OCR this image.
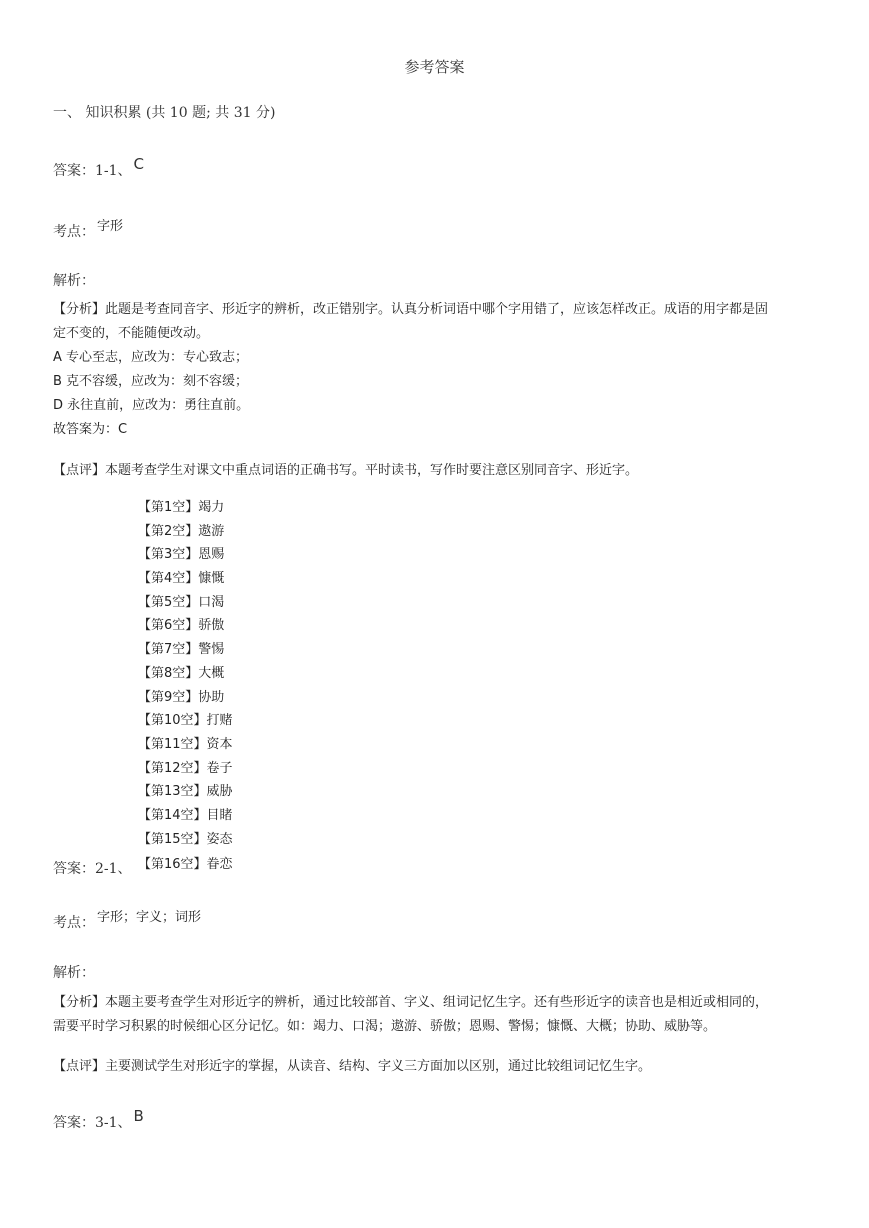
参考答案
一、 知识积累 (共 10 题; 共 31 分)
答案：1-1、 C
考点： 字形
解析：
【分析】此题是考查同音字、形近字的辨析，改正错别字。认真分析词语中哪个字用错了，应该怎样改正。成语的用字都是固
定不变的，不能随便改动。
A 专心至志，应改为：专心致志；
B 克不容缓，应改为：刻不容缓；
D 永往直前，应改为：勇往直前。
故答案为：C
【点评】本题考查学生对课文中重点词语的正确书写。平时读书，写作时要注意区别同音字、形近字。
【第1空】竭力
【第2空】遨游
【第3空】恩赐
【第4空】慷慨
【第5空】口渴
【第6空】骄傲
【第7空】警惕
【第8空】大概
【第9空】协助
【第10空】打赌
【第11空】资本
【第12空】卷子
【第13空】威胁
【第14空】目睹
【第15空】姿态
答案：2-1、 【第16空】眷恋
考点： 字形；字义；词形
解析：
【分析】本题主要考查学生对形近字的辨析，通过比较部首、字义、组词记忆生字。还有些形近字的读音也是相近或相同的，
需要平时学习积累的时候细心区分记忆。如：竭力、口渴；遨游、骄傲；恩赐、警惕；慷慨、大概；协助、威胁等。
【点评】主要测试学生对形近字的掌握，从读音、结构、字义三方面加以区别，通过比较组词记忆生字。
答案：3-1、 B
